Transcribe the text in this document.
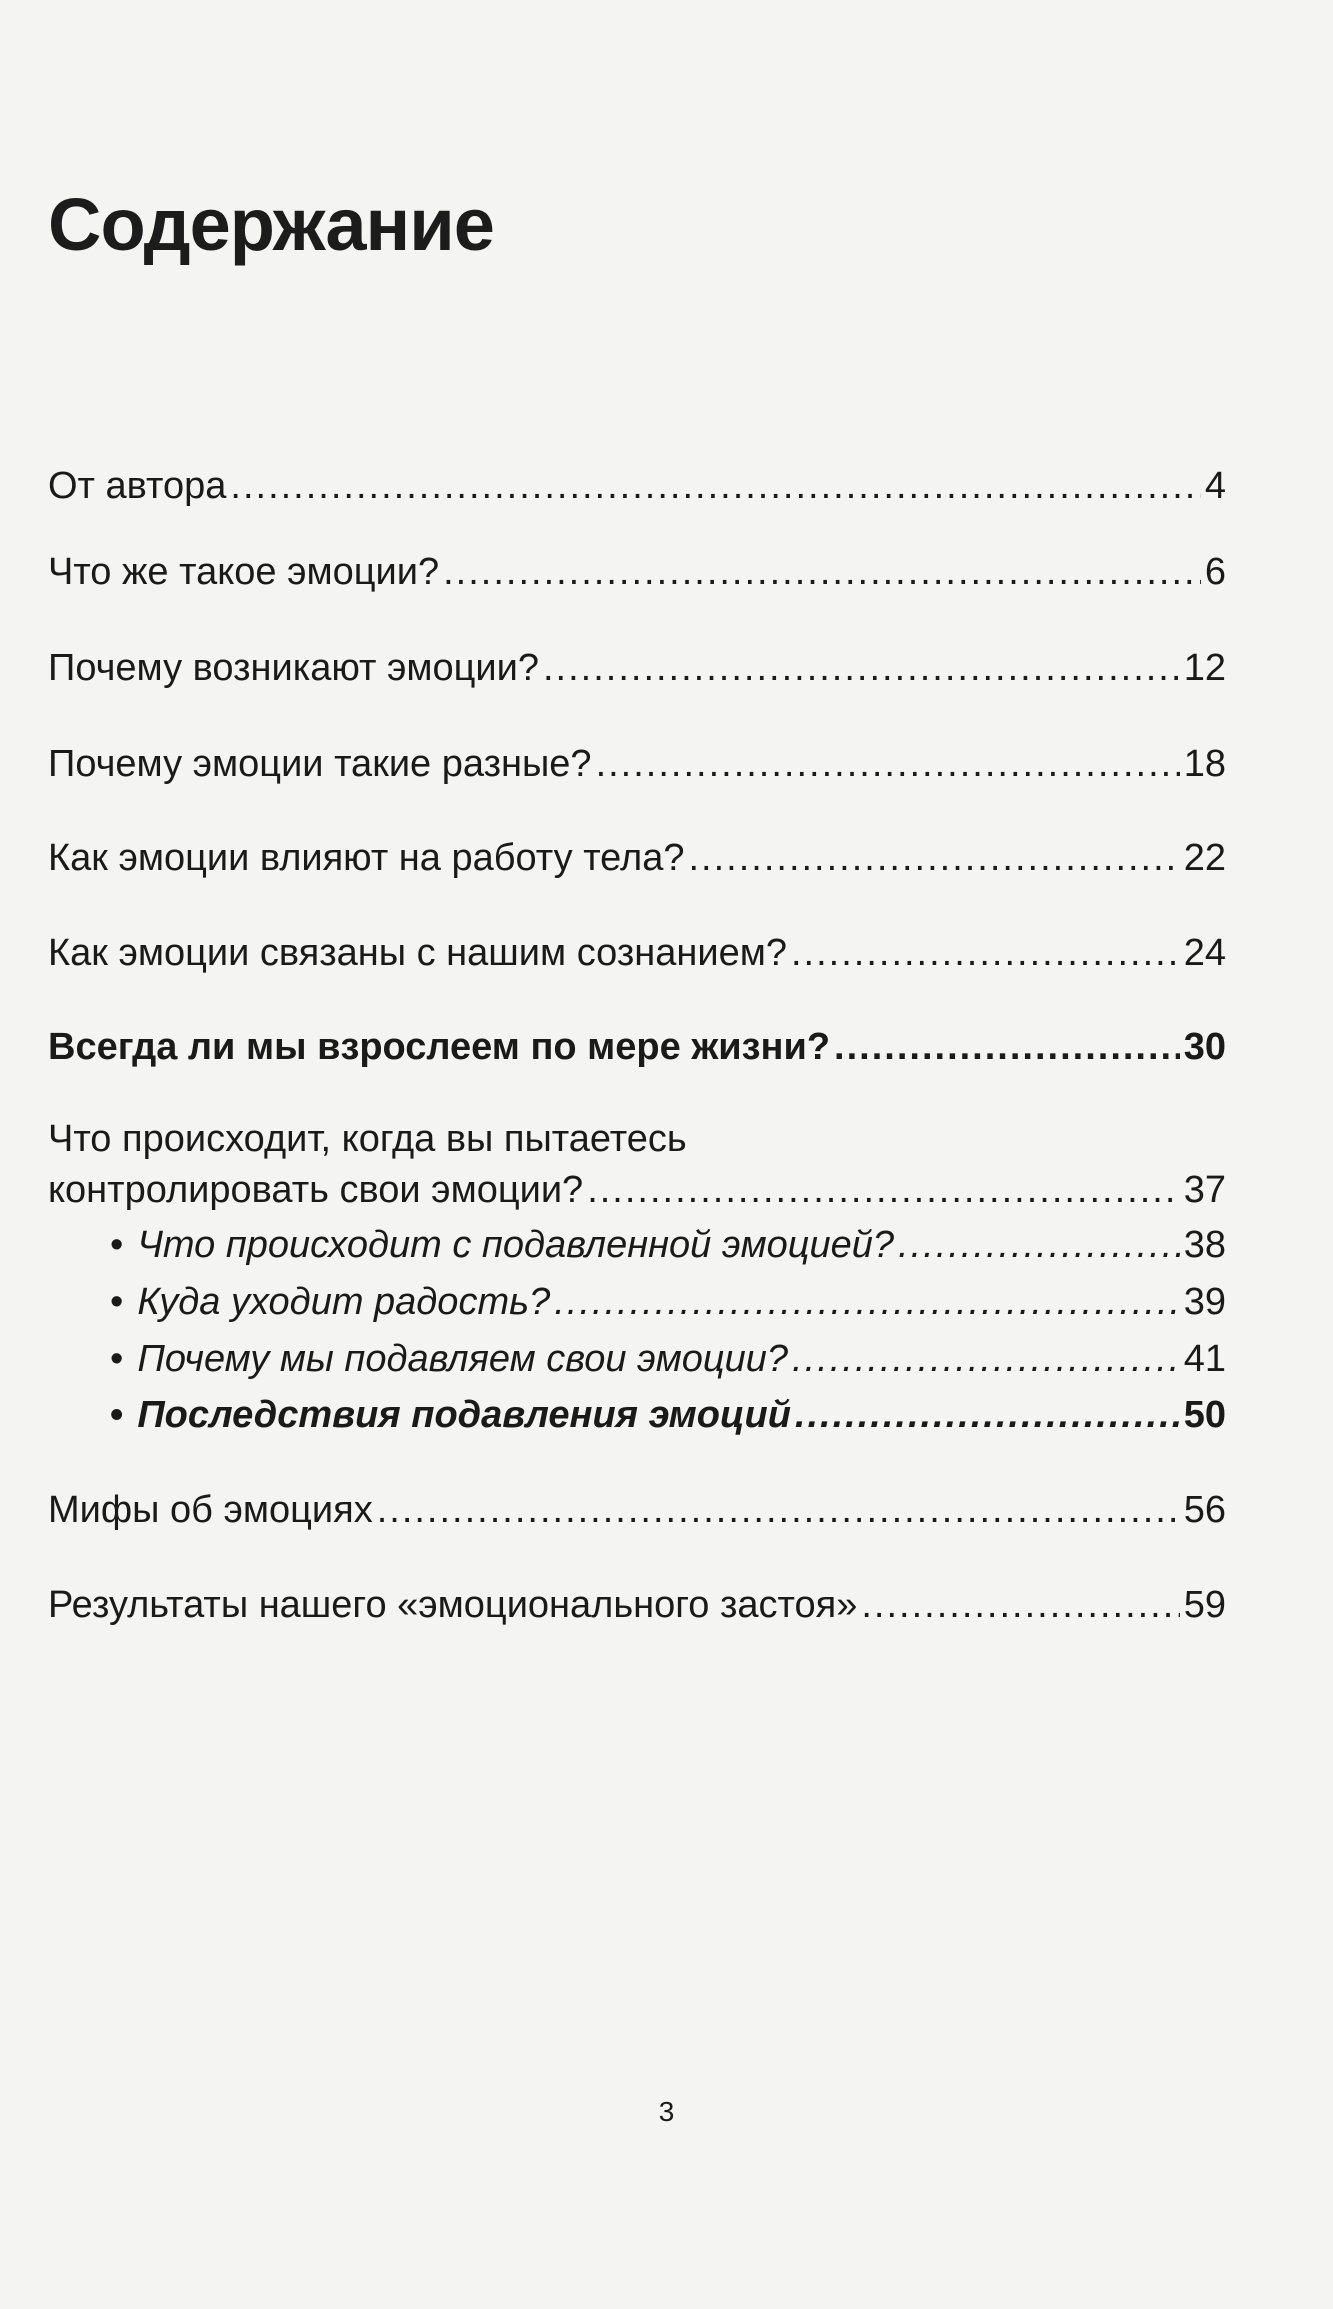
Содержание
От автора .....	4
Что же такое эмоции? .....	6
Почему возникают эмоции? .....	12
Почему эмоции такие разные? .....	18
Как эмоции влияют на работу тела? .....	22
Как эмоции связаны с нашим сознанием? .....	24
Всегда ли мы взрослеем по мере жизни? .....	30
Что происходит, когда вы пытаетесь
контролировать свои эмоции? .....	37
• Что происходит с подавленной эмоцией? .....	38
• Куда уходит радость? .....	39
• Почему мы подавляем свои эмоции? .....	41
• Последствия подавления эмоций .....	50
Мифы об эмоциях .....	56
Результаты нашего «эмоционального застоя» .....	59
3
